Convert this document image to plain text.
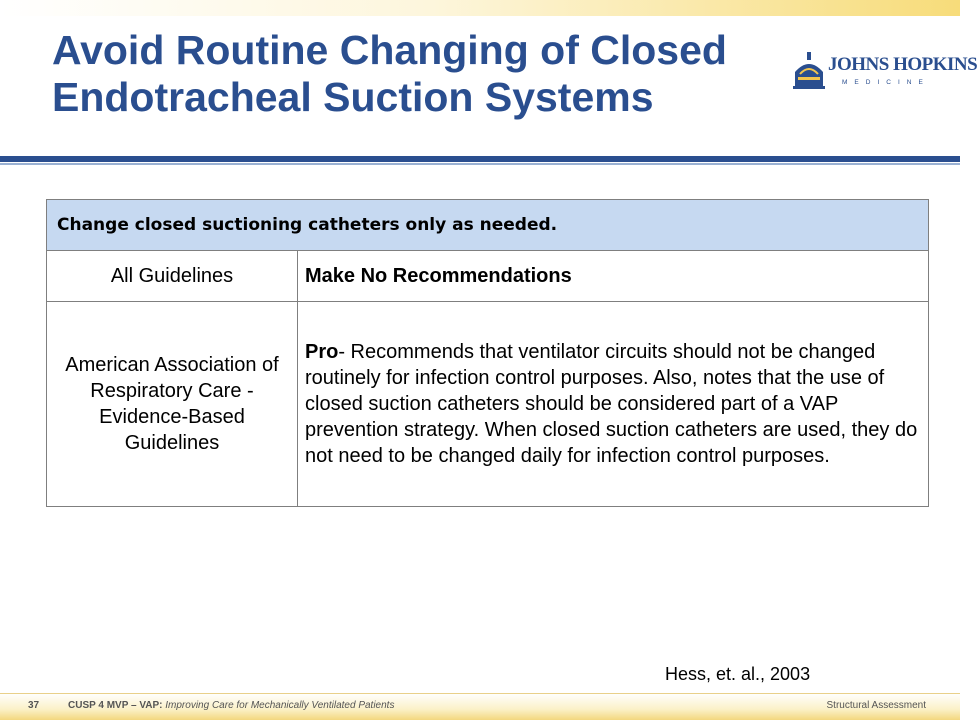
Avoid Routine Changing of Closed
Endotracheal Suction Systems
JOHNS HOPKINS
MEDICINE
Change closed suctioning catheters only as needed.	
All Guidelines	Make No Recommendations

American Association of Respiratory Care - Evidence-Based Guidelines	Pro- Recommends that ventilator circuits should not be changed routinely for infection control purposes. Also, notes that the use of closed suction catheters should be considered part of a VAP prevention strategy. When closed suction catheters are used, they do not need to be changed daily for infection control purposes.
Hess, et. al., 2003
37	CUSP 4 MVP – VAP: Improving Care for Mechanically Ventilated Patients	Structural Assessment
